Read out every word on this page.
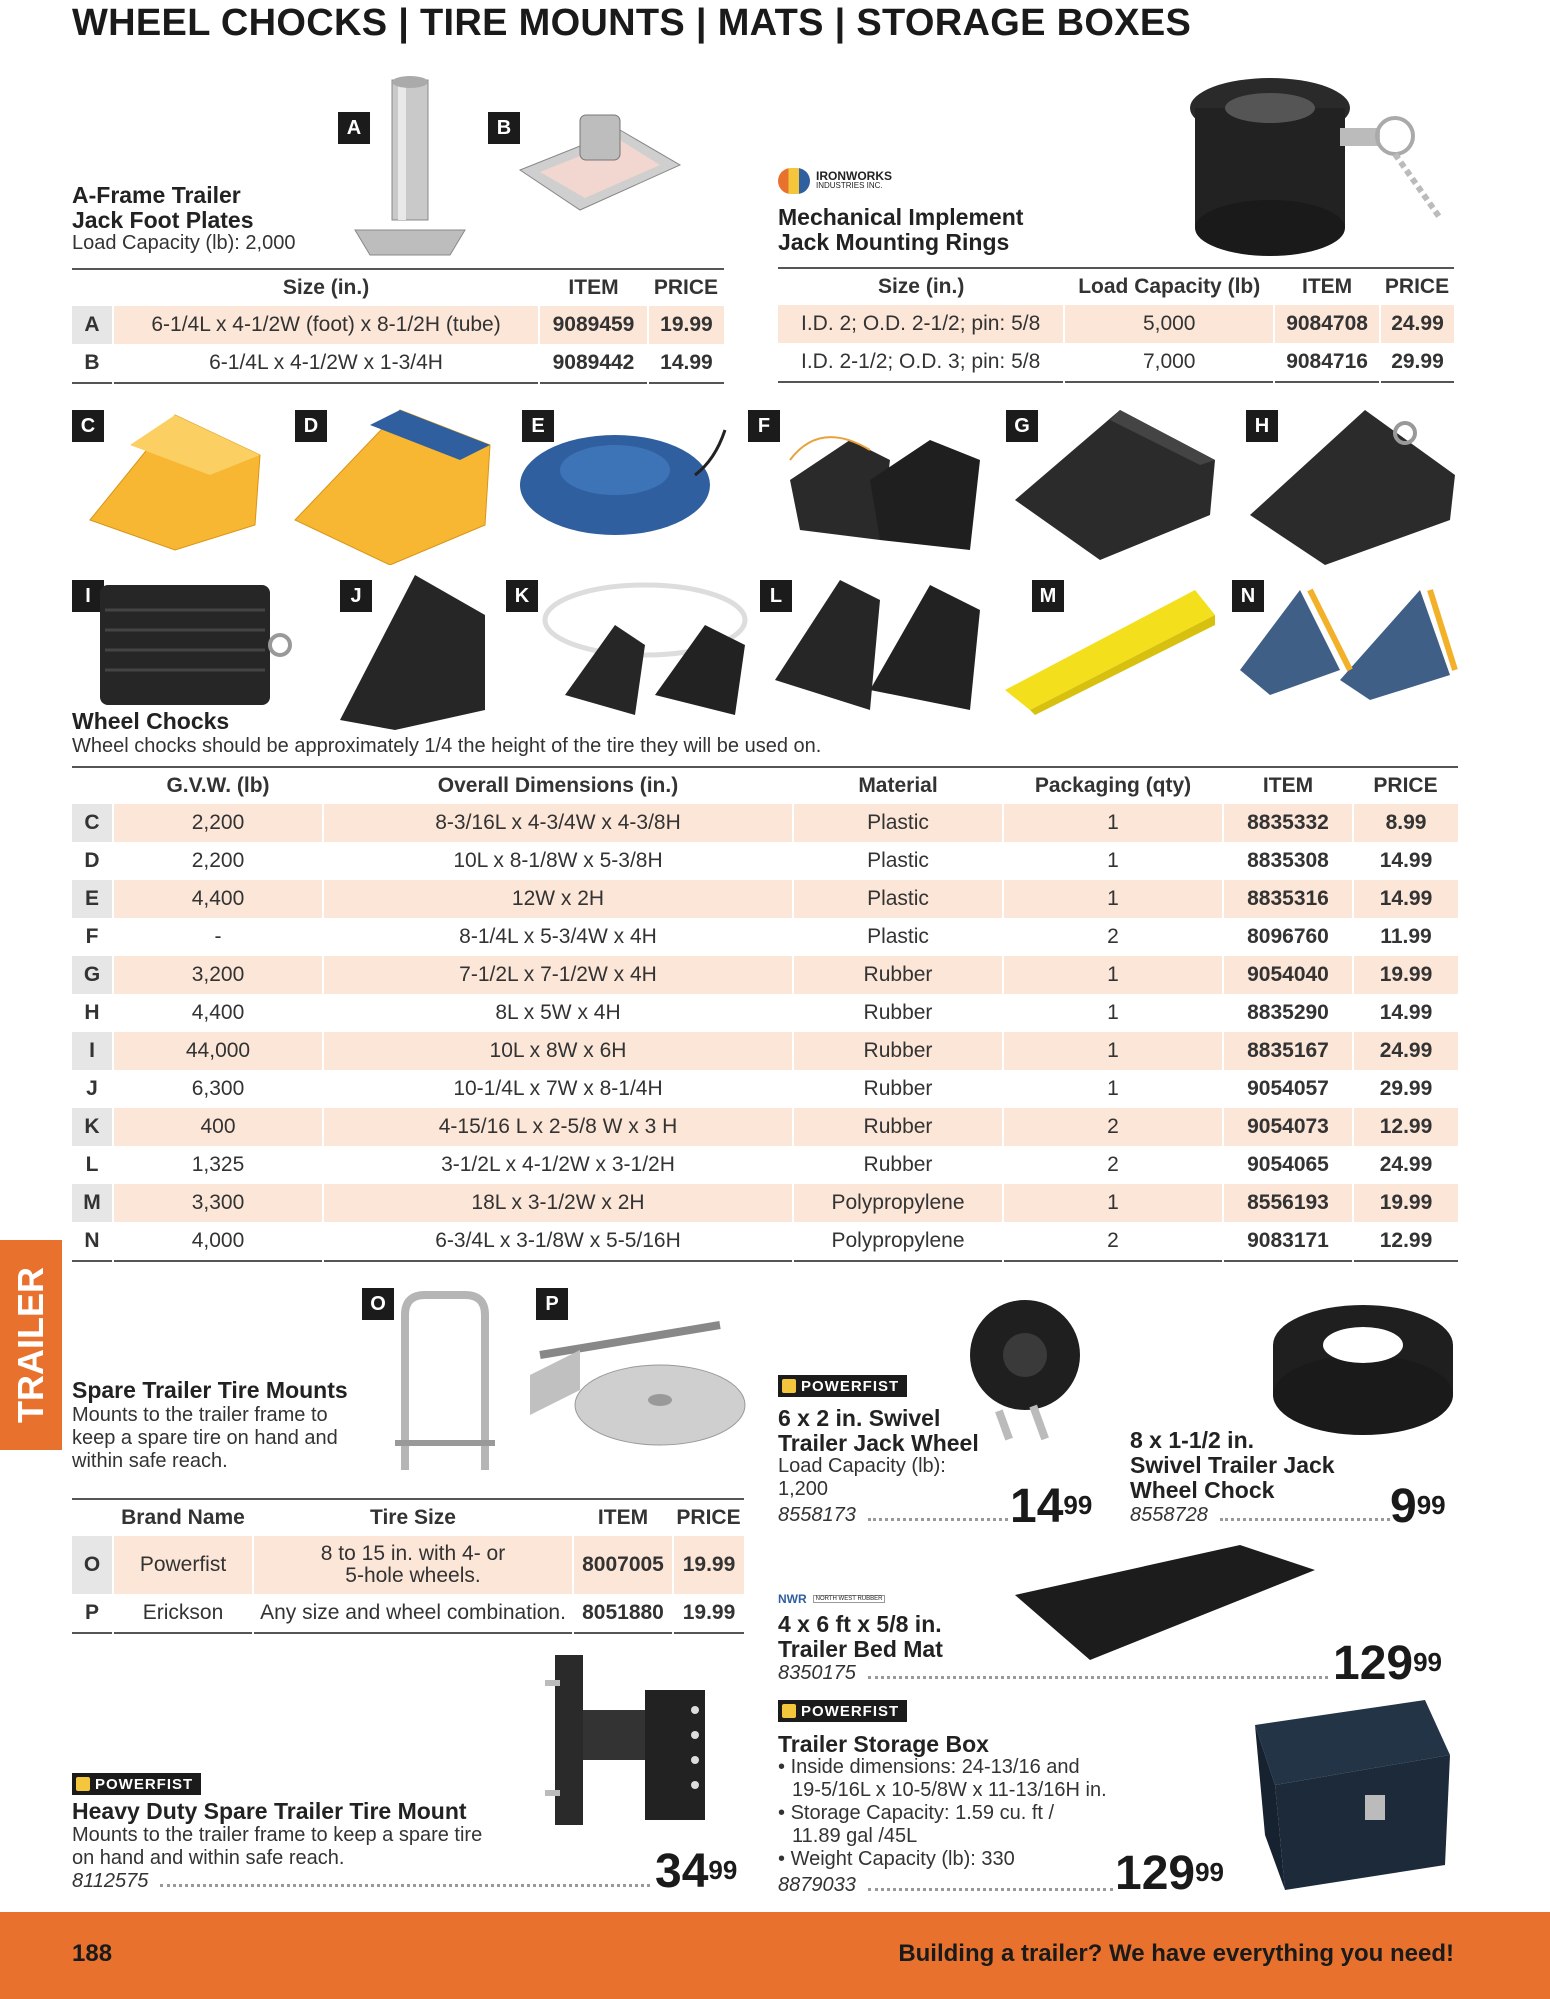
WHEEL CHOCKS | TIRE MOUNTS | MATS | STORAGE BOXES
A	B
A-Frame Trailer
Jack Foot Plates
Load Capacity (lb): 2,000
	Size (in.)	ITEM	PRICE
A	6-1/4L x 4-1/2W (foot) x 8-1/2H (tube)	9089459	19.99
B	6-1/4L x 4-1/2W x 1-3/4H	9089442	14.99
IRONWORKS
INDUSTRIES INC.
Mechanical Implement
Jack Mounting Rings
Size (in.)	Load Capacity (lb)	ITEM	PRICE
I.D. 2; O.D. 2-1/2; pin: 5/8	5,000	9084708	24.99
I.D. 2-1/2; O.D. 3; pin: 5/8	7,000	9084716	29.99
C	D	E	F	G	H
I	J	K	L	M	N
Wheel Chocks
Wheel chocks should be approximately 1/4 the height of the tire they will be used on.
	G.V.W. (lb)	Overall Dimensions (in.)	Material	Packaging (qty)	ITEM	PRICE
C	2,200	8-3/16L x 4-3/4W x 4-3/8H	Plastic	1	8835332	8.99
D	2,200	10L x 8-1/8W x 5-3/8H	Plastic	1	8835308	14.99
E	4,400	12W x 2H	Plastic	1	8835316	14.99
F	-	8-1/4L x 5-3/4W x 4H	Plastic	2	8096760	11.99
G	3,200	7-1/2L x 7-1/2W x 4H	Rubber	1	9054040	19.99
H	4,400	8L x 5W x 4H	Rubber	1	8835290	14.99
I	44,000	10L x 8W x 6H	Rubber	1	8835167	24.99
J	6,300	10-1/4L x 7W x 8-1/4H	Rubber	1	9054057	29.99
K	400	4-15/16 L x 2-5/8 W x 3 H	Rubber	2	9054073	12.99
L	1,325	3-1/2L x 4-1/2W x 3-1/2H	Rubber	2	9054065	24.99
M	3,300	18L x 3-1/2W x 2H	Polypropylene	1	8556193	19.99
N	4,000	6-3/4L x 3-1/8W x 5-5/16H	Polypropylene	2	9083171	12.99
O	P
Spare Trailer Tire Mounts
Mounts to the trailer frame to
keep a spare tire on hand and
within safe reach.
	Brand Name	Tire Size	ITEM	PRICE
O	Powerfist	8 to 15 in. with 4- or
5-hole wheels.	8007005	19.99
P	Erickson	Any size and wheel combination.	8051880	19.99
POWERFIST
Heavy Duty Spare Trailer Tire Mount
Mounts to the trailer frame to keep a spare tire
on hand and within safe reach.
8112575	$34^{99}$
POWERFIST
6 x 2 in. Swivel
Trailer Jack Wheel
Load Capacity (lb):
1,200
8558173	$14^{99}$
8 x 1-1/2 in.
Swivel Trailer Jack
Wheel Chock
8558728	$9^{99}$
NWR	NORTH WEST RUBBER
4 x 6 ft x 5/8 in.
Trailer Bed Mat
8350175	$129^{99}$
POWERFIST
Trailer Storage Box
• Inside dimensions: 24-13/16 and
19-5/16L x 10-5/8W x 11-13/16H in.
• Storage Capacity: 1.59 cu. ft /
11.89 gal /45L
• Weight Capacity (lb): 330
8879033	$129^{99}$
TRAILER
188	Building a trailer? We have everything you need!
